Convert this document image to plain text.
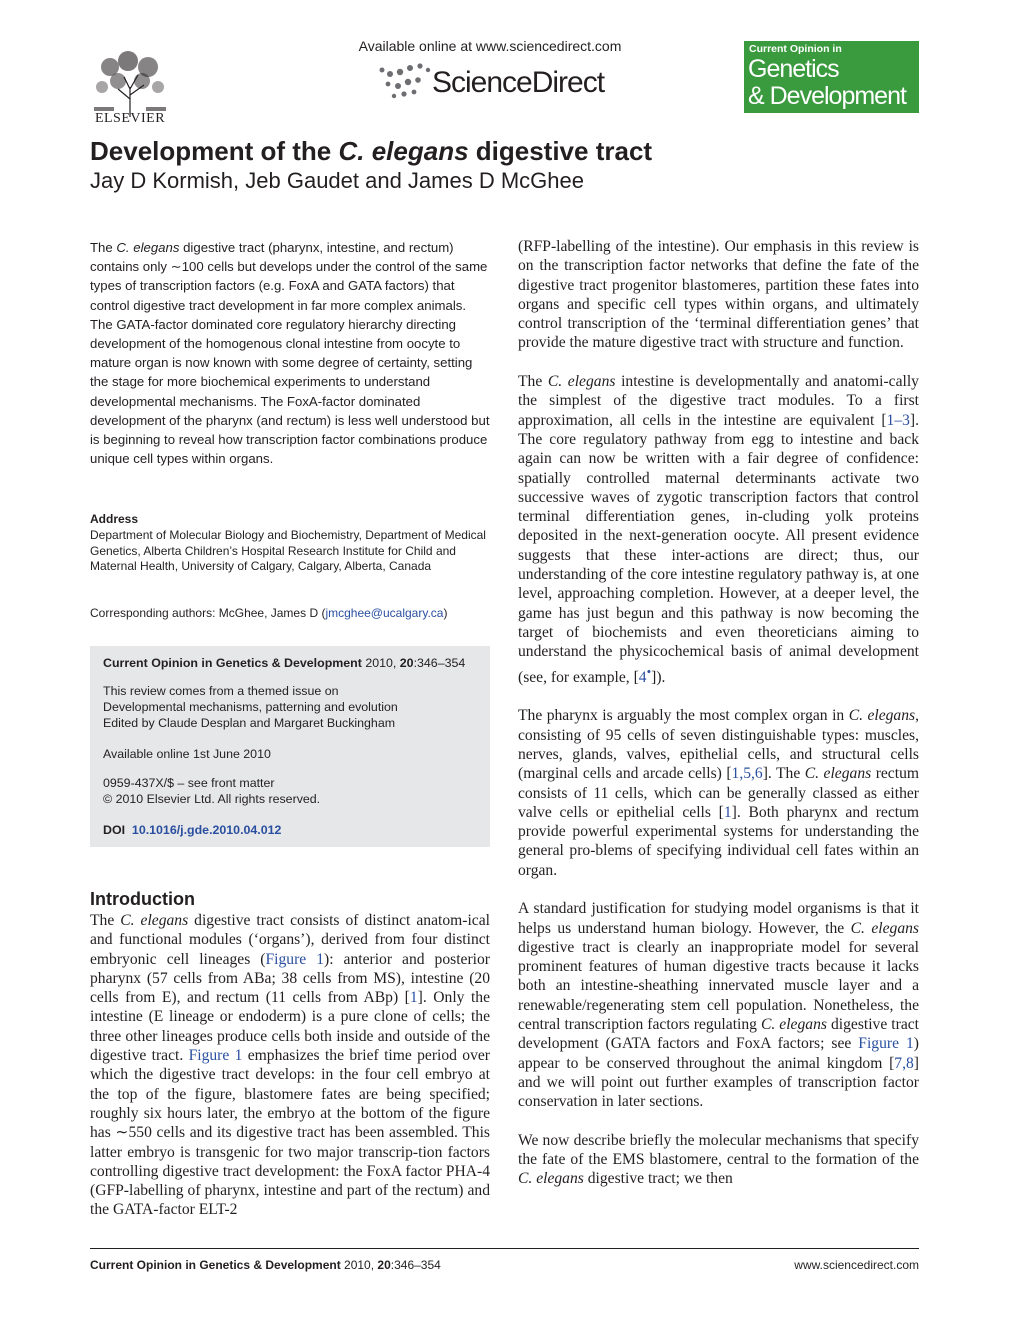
ELSEVIER
Available online at www.sciencedirect.com
ScienceDirect
Current Opinion in
Genetics
& Development
Development of the C. elegans digestive tract
Jay D Kormish, Jeb Gaudet and James D McGhee
The C. elegans digestive tract (pharynx, intestine, and rectum) contains only ∼100 cells but develops under the control of the same types of transcription factors (e.g. FoxA and GATA factors) that control digestive tract development in far more complex animals. The GATA-factor dominated core regulatory hierarchy directing development of the homogenous clonal intestine from oocyte to mature organ is now known with some degree of certainty, setting the stage for more biochemical experiments to understand developmental mechanisms. The FoxA-factor dominated development of the pharynx (and rectum) is less well understood but is beginning to reveal how transcription factor combinations produce unique cell types within organs.
Address
Department of Molecular Biology and Biochemistry, Department of Medical Genetics, Alberta Children’s Hospital Research Institute for Child and Maternal Health, University of Calgary, Calgary, Alberta, Canada
Corresponding authors: McGhee, James D (jmcghee@ucalgary.ca)
Current Opinion in Genetics & Development 2010, 20:346–354
This review comes from a themed issue on
Developmental mechanisms, patterning and evolution
Edited by Claude Desplan and Margaret Buckingham
Available online 1st June 2010
0959-437X/$ – see front matter
© 2010 Elsevier Ltd. All rights reserved.
DOI 10.1016/j.gde.2010.04.012
Introduction

The C. elegans digestive tract consists of distinct anatom-ical and functional modules (‘organs’), derived from four distinct embryonic cell lineages (Figure 1): anterior and posterior pharynx (57 cells from ABa; 38 cells from MS), intestine (20 cells from E), and rectum (11 cells from ABp) [1]. Only the intestine (E lineage or endoderm) is a pure clone of cells; the three other lineages produce cells both inside and outside of the digestive tract. Figure 1 emphasizes the brief time period over which the digestive tract develops: in the four cell embryo at the top of the figure, blastomere fates are being specified; roughly six hours later, the embryo at the bottom of the figure has ∼550 cells and its digestive tract has been assembled. This latter embryo is transgenic for two major transcrip-tion factors controlling digestive tract development: the FoxA factor PHA-4 (GFP-labelling of pharynx, intestine and part of the rectum) and the GATA-factor ELT-2

(RFP-labelling of the intestine). Our emphasis in this review is on the transcription factor networks that define the fate of the digestive tract progenitor blastomeres, partition these fates into organs and specific cell types within organs, and ultimately control transcription of the ‘terminal differentiation genes’ that provide the mature digestive tract with structure and function.

The C. elegans intestine is developmentally and anatomi-cally the simplest of the digestive tract modules. To a first approximation, all cells in the intestine are equivalent [1–3]. The core regulatory pathway from egg to intestine and back again can now be written with a fair degree of confidence: spatially controlled maternal determinants activate two successive waves of zygotic transcription factors that control terminal differentiation genes, in-cluding yolk proteins deposited in the next-generation oocyte. All present evidence suggests that these inter-actions are direct; thus, our understanding of the core intestine regulatory pathway is, at one level, approaching completion. However, at a deeper level, the game has just begun and this pathway is now becoming the target of biochemists and even theoreticians aiming to understand the physicochemical basis of animal development (see, for example, [4•]).

The pharynx is arguably the most complex organ in C. elegans, consisting of 95 cells of seven distinguishable types: muscles, nerves, glands, valves, epithelial cells, and structural cells (marginal cells and arcade cells) [1,5,6]. The C. elegans rectum consists of 11 cells, which can be generally classed as either valve cells or epithelial cells [1]. Both pharynx and rectum provide powerful experimental systems for understanding the general pro-blems of specifying individual cell fates within an organ.

A standard justification for studying model organisms is that it helps us understand human biology. However, the C. elegans digestive tract is clearly an inappropriate model for several prominent features of human digestive tracts because it lacks both an intestine-sheathing innervated muscle layer and a renewable/regenerating stem cell population. Nonetheless, the central transcription factors regulating C. elegans digestive tract development (GATA factors and FoxA factors; see Figure 1) appear to be conserved throughout the animal kingdom [7,8] and we will point out further examples of transcription factor conservation in later sections.

We now describe briefly the molecular mechanisms that specify the fate of the EMS blastomere, central to the formation of the C. elegans digestive tract; we then

Current Opinion in Genetics & Development 2010, 20:346–354	www.sciencedirect.com
